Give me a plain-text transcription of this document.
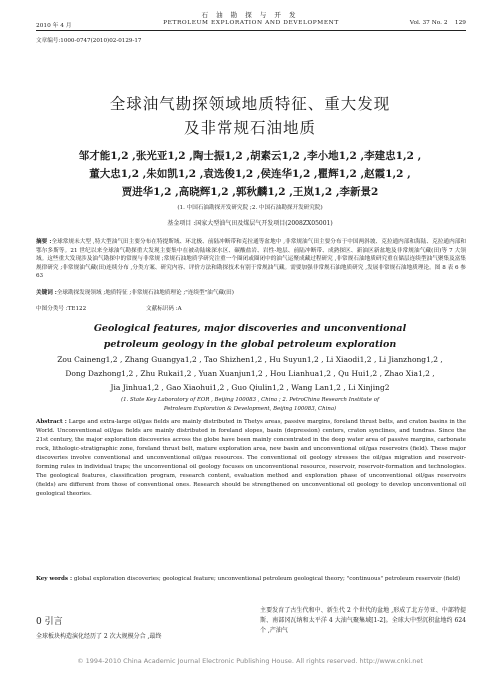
石 油 勘 探 与 开 发
2010 年 4 月	PETROLEUM EXPLORATION AND DEVELOPMENT	Vol. 37 No. 2 129
文章编号:1000-0747(2010)02-0129-17
全球油气勘探领域地质特征、重大发现
及非常规石油地质
邹才能1,2 ,张光亚1,2 ,陶士振1,2 ,胡素云1,2 ,李小地1,2 ,李建忠1,2 ,
董大忠1,2 ,朱如凯1,2 ,袁选俊1,2 ,侯连华1,2 ,瞿辉1,2 ,赵霞1,2 ,
贾进华1,2 ,高晓辉1,2 ,郭秋麟1,2 ,王岚1,2 ,李新景2
(1. 中国石油勘探开发研究院 ;2. 中国石油勘探开发研究院)
基金项目 :国家大型油气田及煤层气开发项目(2008ZX05001)
摘要 :全球常规未大型 ,特大型油气田主要分布在特提斯域、环北极、前陆冲断带和克拉通等盆地中 ,非常规油气田主要分布于中国两斜坡、克拉通内部和海陆、克拉通内部和鄂尔多斯等。21 世纪以来全球油气勘探重大发现主要集中在被动陆缘深水区、碳酸盐岩、岩性-地层、前陆冲断带、成熟探区、新油区新盆地及非常规油气藏(田)等 7 大领域。这些重大发现涉及油气勘探中的常规与非常规 ;常规石油地质学研究注重一个圈闭或圈闭中的油气运聚成藏过程研究 ,非常规石油地质研究重在储层连续型油气聚集及富集规律研究 ;非常规油气藏(田)连续分布 ,分类方案、研究内容、评价方法和勘探技术有别于常规油气藏。需要加强非常规石油地质研究 ,发展非常规石油地质理论。图 8 表 6 参 63
关键词 :全球勘探发现领域 ;地质特征 ;非常规石油地质理论 ;"连续型"油气藏(田)
中图分类号 :TE122	文献标识码 :A
Geological features, major discoveries and unconventional
petroleum geology in the global petroleum exploration
Zou Caineng1,2 , Zhang Guangya1,2 , Tao Shizhen1,2 , Hu Suyun1,2 , Li Xiaodi1,2 , Li Jianzhong1,2 ,
Dong Dazhong1,2 , Zhu Rukai1,2 , Yuan Xuanjun1,2 , Hou Lianhua1,2 , Qu Hui1,2 , Zhao Xia1,2 ,
Jia Jinhua1,2 , Gao Xiaohui1,2 , Guo Qiulin1,2 , Wang Lan1,2 , Li Xinjing2
(1. State Key Laboratory of EOR , Beijing 100083 , China ; 2. PetroChina Research Institute of
Petroleum Exploration & Development, Beijing 100083, China)
Abstract : Large and extra-large oil/gas fields are mainly distributed in Thetys areas, passive margins, foreland thrust belts, and craton basins in the World. Unconventional oil/gas fields are mainly distributed in foreland slopes, basin (depression) centers, craton synclines, and tundras. Since the 21st century, the major exploration discoveries across the globe have been mainly concentrated in the deep water area of passive margins, carbonate rock, lithologic-stratigraphic zone, foreland thrust belt, mature exploration area, new basin and unconventional oil/gas reservoirs (field). These major discoveries involve conventional and unconventional oil/gas resources. The conventional oil geology stresses the oil/gas migration and reservoir-forming rules in individual traps; the unconventional oil geology focuses on unconventional resource, reservoir, reservoir-formation and technologies. The geological features, classification program, research content, evaluation method and exploration phase of unconventional oil/gas reservoirs (fields) are different from those of conventional ones. Research should be strengthened on unconventional oil geology to develop unconventional oil geological theories.
Key words : global exploration discoveries; geological feature; unconventional petroleum geological theory; "continuous" petroleum reservoir (field)
0 引言
全球板块构造演化经历了 2 次大规模分合 ,最终
主要发育了古生代和中、新生代 2 个世代的盆地 ,形成了北方劳亚、中部特提斯、南部冈瓦纳和太平洋 4 大油气聚集域[1-2]。全球大中型沉积盆地约 624 个 ,产油气
© 1994-2010 China Academic Journal Electronic Publishing House. All rights reserved. http://www.cnki.net
